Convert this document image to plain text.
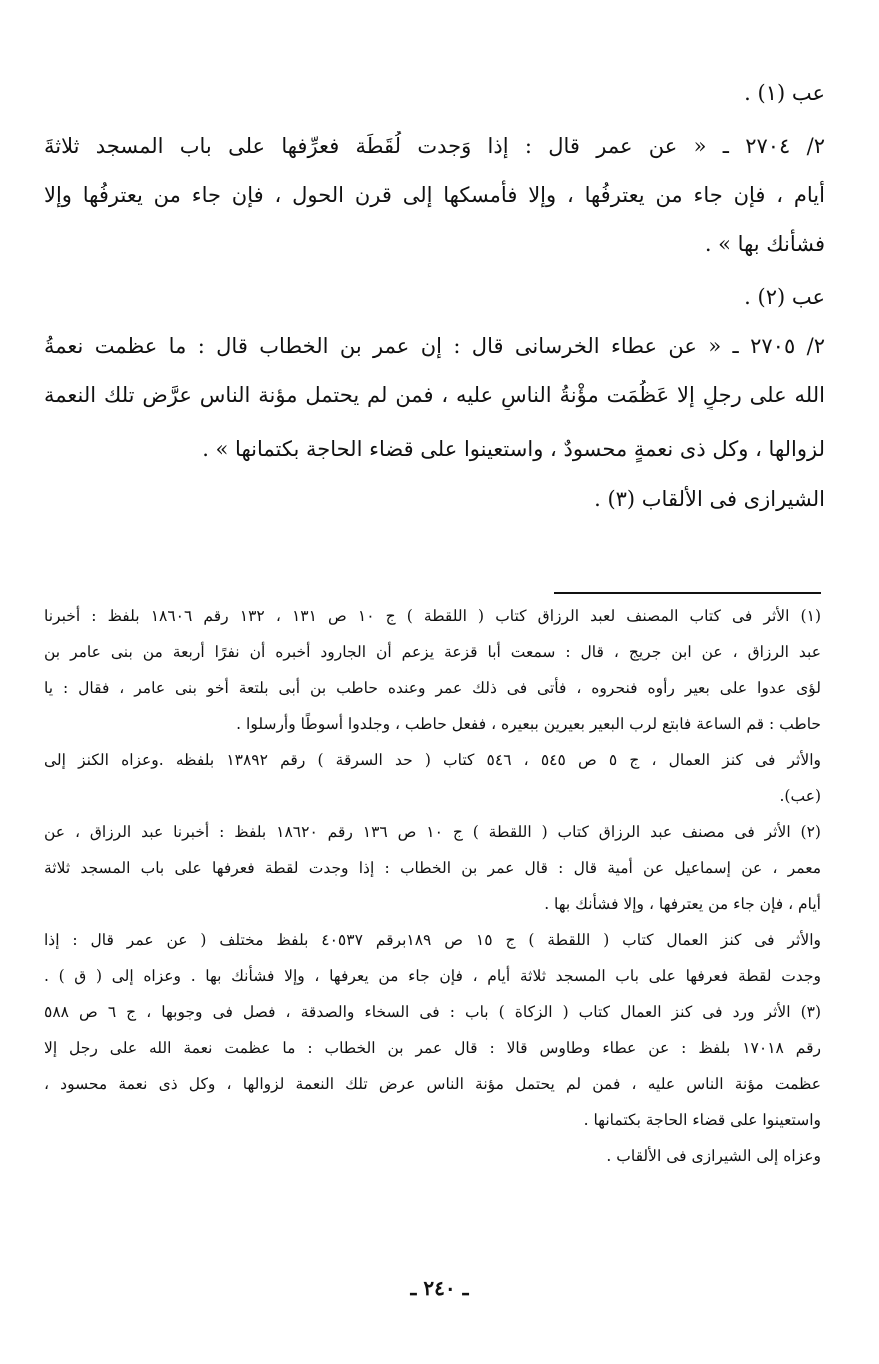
عب (١) .
٢/ ٢٧٠٤ ـ « عن عمر قال : إذا وَجدت لُقَطَة فعرِّفها على باب المسجد ثلاثةَ
أيام ، فإن جاء من يعترفُها ، وإلا فأمسكها إلى قرن الحول ، فإن جاء من يعترفُها وإلا
فشأنك بها » .
عب (٢) .
٢/ ٢٧٠٥ ـ « عن عطاء الخرسانى قال : إن عمر بن الخطاب قال : ما عظمت نعمةُ
الله على رجلٍ إلا عَظُمَت مؤْنةُ الناسِ عليه ، فمن لم يحتمل مؤنة الناس عرَّض تلك النعمة
لزوالها ، وكل ذى نعمةٍ محسودٌ ، واستعينوا على قضاء الحاجة بكتمانها » .
الشيرازى فى الألقاب (٣) .
(١) الأثر فى كتاب المصنف لعبد الرزاق كتاب ( اللقطة ) ج ١٠ ص ١٣١ ، ١٣٢ رقم ١٨٦٠٦ بلفظ : أخبرنا
عبد الرزاق ، عن ابن جريج ، قال : سمعت أبا قزعة يزعم أن الجارود أخبره أن نفرًا أربعة من بنى عامر بن
لؤى عدوا على بعير رأوه فنحروه ، فأتى فى ذلك عمر وعنده حاطب بن أبى بلتعة أخو بنى عامر ، فقال : يا
حاطب : قم الساعة فابتع لرب البعير بعيرين ببعيره ، ففعل حاطب ، وجلدوا أسوطًا وأرسلوا .
والأثر فى كنز العمال ، ج ٥ ص ٥٤٥ ، ٥٤٦ كتاب ( حد السرقة ) رقم ١٣٨٩٢ بلفظه .وعزاه الكنز إلى
(عب).
(٢) الأثر فى مصنف عبد الرزاق كتاب ( اللقطة ) ج ١٠ ص ١٣٦ رقم ١٨٦٢٠ بلفظ : أخبرنا عبد الرزاق ، عن
معمر ، عن إسماعيل عن أمية قال : قال عمر بن الخطاب : إذا وجدت لقطة فعرفها على باب المسجد ثلاثة
أيام ، فإن جاء من يعترفها ، وإلا فشأنك بها .
والأثر فى كنز العمال كتاب ( اللقطة ) ج ١٥ ص ١٨٩برقم ٤٠٥٣٧ بلفظ مختلف ( عن عمر قال : إذا
وجدت لقطة فعرفها على باب المسجد ثلاثة أيام ، فإن جاء من يعرفها ، وإلا فشأنك بها . وعزاه إلى ( ق ) .
(٣) الأثر ورد فى كنز العمال كتاب ( الزكاة ) باب : فى السخاء والصدقة ، فصل فى وجوبها ، ج ٦ ص ٥٨٨
رقم ١٧٠١٨ بلفظ : عن عطاء وطاوس قالا : قال عمر بن الخطاب : ما عظمت نعمة الله على رجل إلا
عظمت مؤنة الناس عليه ، فمن لم يحتمل مؤنة الناس عرض تلك النعمة لزوالها ، وكل ذى نعمة محسود ،
واستعينوا على قضاء الحاجة بكتمانها .
وعزاه إلى الشيرازى فى الألقاب .
ـ ٢٤٠ ـ
